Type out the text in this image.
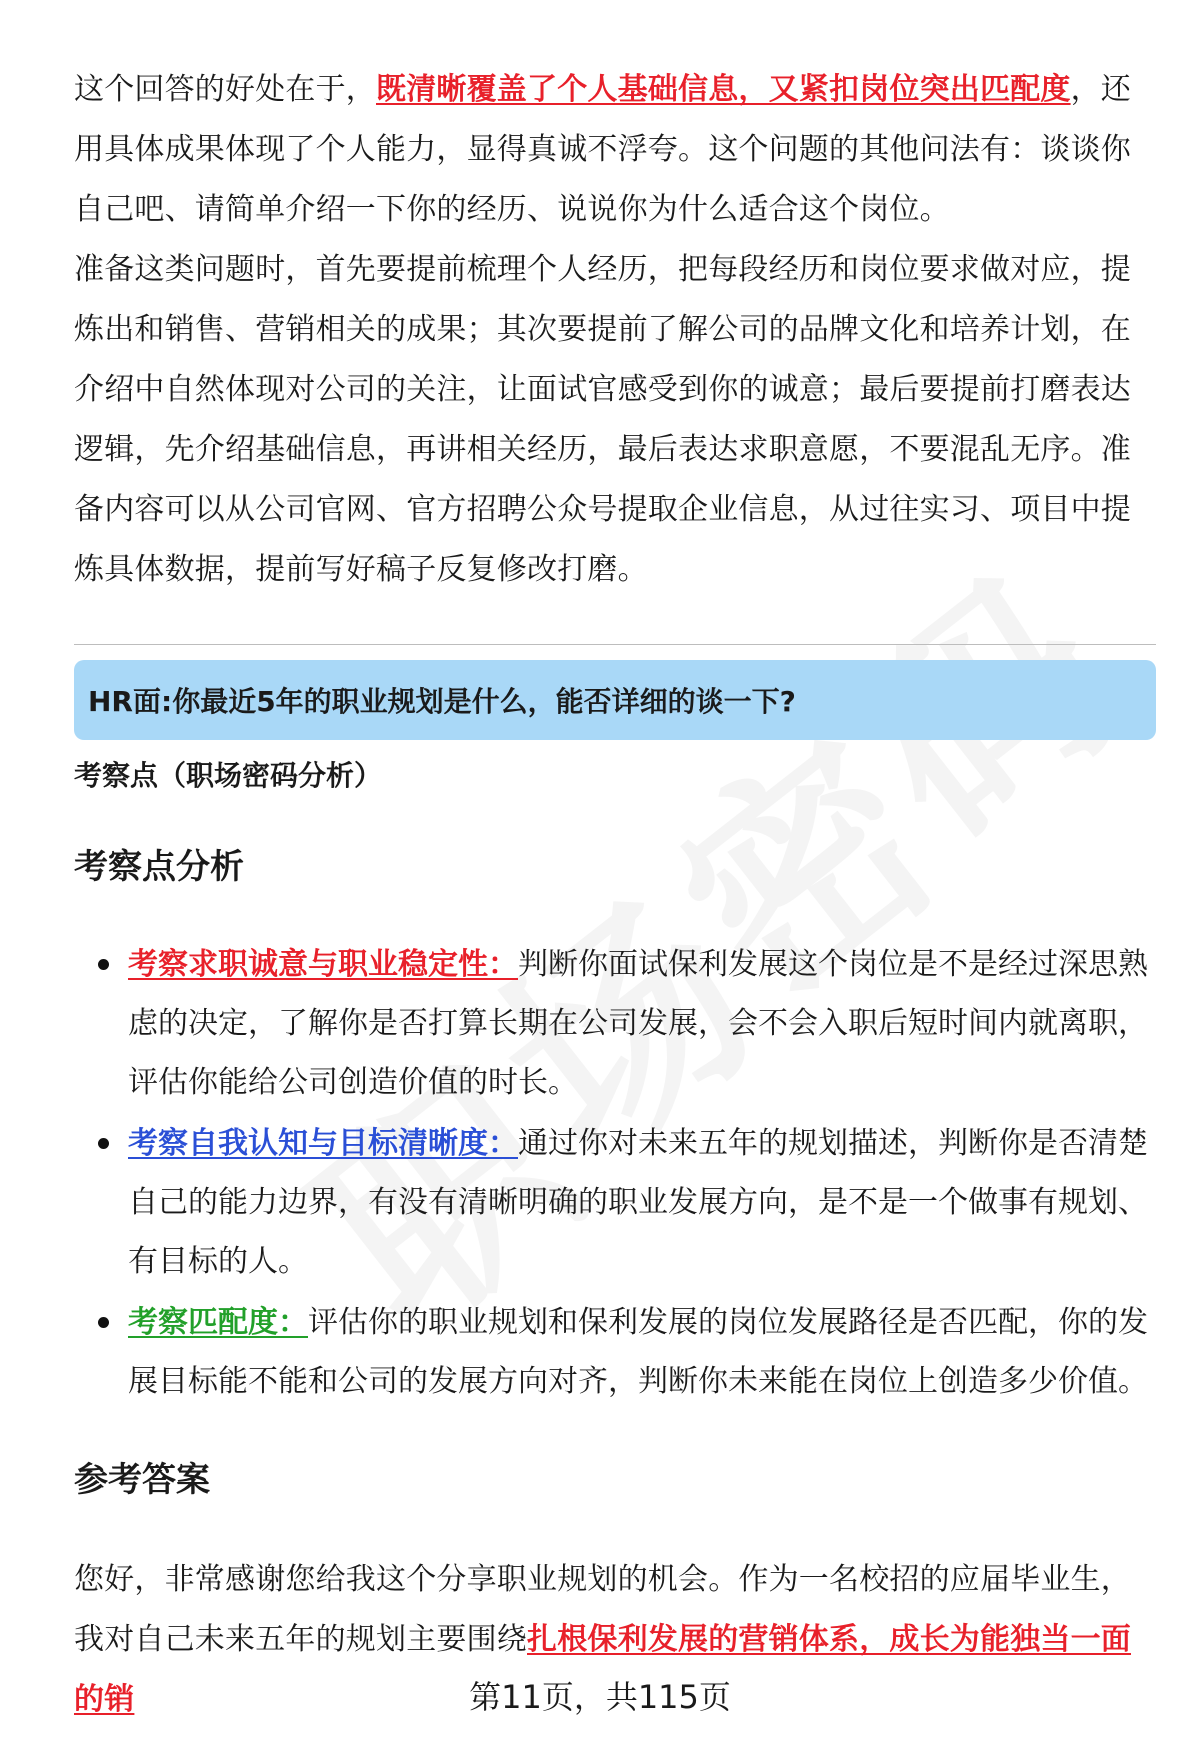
这个回答的好处在于，既清晰覆盖了个人基础信息，又紧扣岗位突出匹配度，还用具体成果体现了个人能力，显得真诚不浮夸。这个问题的其他问法有：谈谈你自己吧、请简单介绍一下你的经历、说说你为什么适合这个岗位。

准备这类问题时，首先要提前梳理个人经历，把每段经历和岗位要求做对应，提炼出和销售、营销相关的成果；其次要提前了解公司的品牌文化和培养计划，在介绍中自然体现对公司的关注，让面试官感受到你的诚意；最后要提前打磨表达逻辑，先介绍基础信息，再讲相关经历，最后表达求职意愿，不要混乱无序。准备内容可以从公司官网、官方招聘公众号提取企业信息，从过往实习、项目中提炼具体数据，提前写好稿子反复修改打磨。

HR面:你最近5年的职业规划是什么，能否详细的谈一下?
考察点（职场密码分析）
考察点分析
考察求职诚意与职业稳定性：判断你面试保利发展这个岗位是不是经过深思熟虑的决定，了解你是否打算长期在公司发展，会不会入职后短时间内就离职，评估你能给公司创造价值的时长。
考察自我认知与目标清晰度：通过你对未来五年的规划描述，判断你是否清楚自己的能力边界，有没有清晰明确的职业发展方向，是不是一个做事有规划、有目标的人。
考察匹配度：评估你的职业规划和保利发展的岗位发展路径是否匹配，你的发展目标能不能和公司的发展方向对齐，判断你未来能在岗位上创造多少价值。
参考答案

您好，非常感谢您给我这个分享职业规划的机会。作为一名校招的应届毕业生，我对自己未来五年的规划主要围绕扎根保利发展的营销体系，成长为能独当一面的销	第11页，共115页
